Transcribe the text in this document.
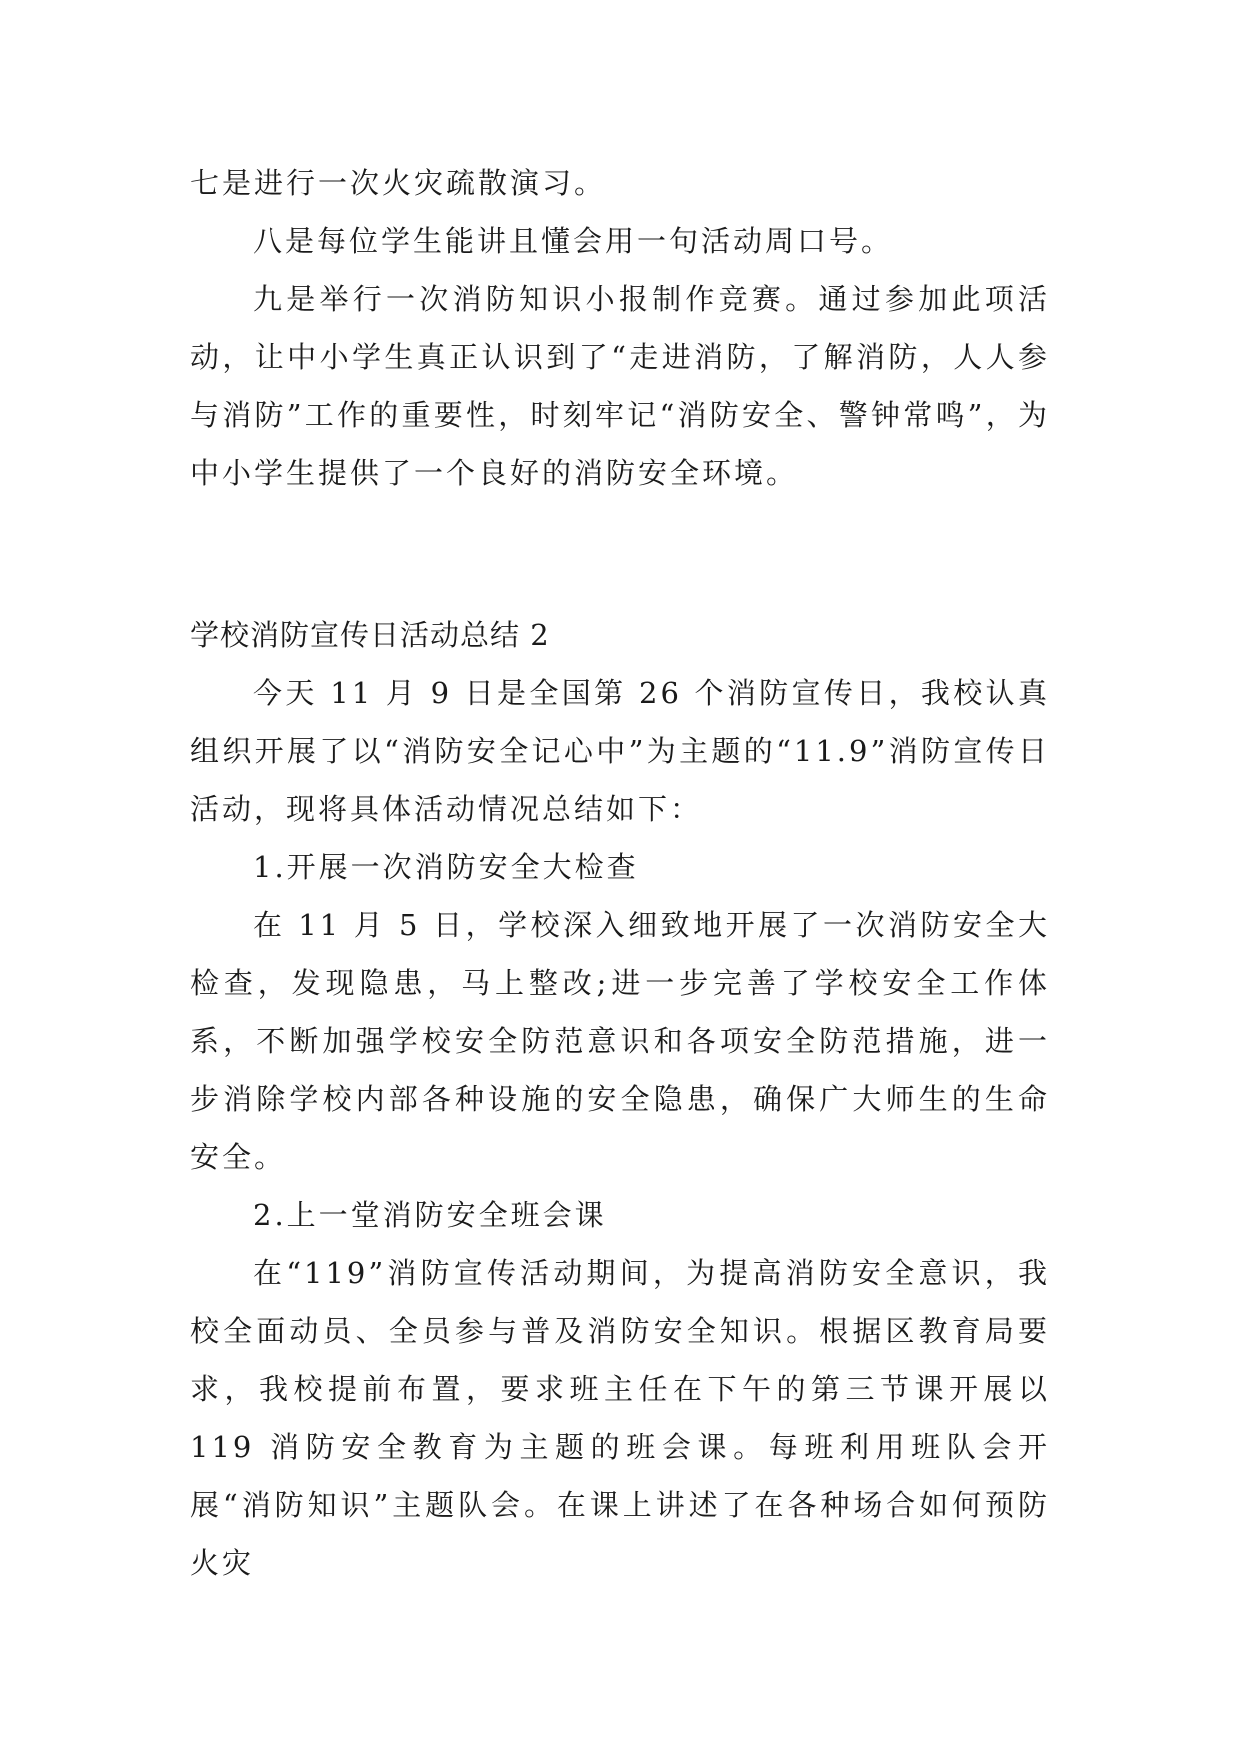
七是进行一次火灾疏散演习。

八是每位学生能讲且懂会用一句活动周口号。

九是举行一次消防知识小报制作竞赛。通过参加此项活动，让中小学生真正认识到了“走进消防，了解消防，人人参与消防”工作的重要性，时刻牢记“消防安全、警钟常鸣”，为中小学生提供了一个良好的消防安全环境。

学校消防宣传日活动总结 2

今天 11 月 9 日是全国第 26 个消防宣传日，我校认真组织开展了以“消防安全记心中”为主题的“11.9”消防宣传日活动，现将具体活动情况总结如下：

1.开展一次消防安全大检查

在 11 月 5 日，学校深入细致地开展了一次消防安全大检查，发现隐患，马上整改;进一步完善了学校安全工作体系，不断加强学校安全防范意识和各项安全防范措施，进一步消除学校内部各种设施的安全隐患，确保广大师生的生命安全。

2.上一堂消防安全班会课

在“119”消防宣传活动期间，为提高消防安全意识，我校全面动员、全员参与普及消防安全知识。根据区教育局要求，我校提前布置，要求班主任在下午的第三节课开展以 119 消防安全教育为主题的班会课。每班利用班队会开展“消防知识”主题队会。在课上讲述了在各种场合如何预防火灾
